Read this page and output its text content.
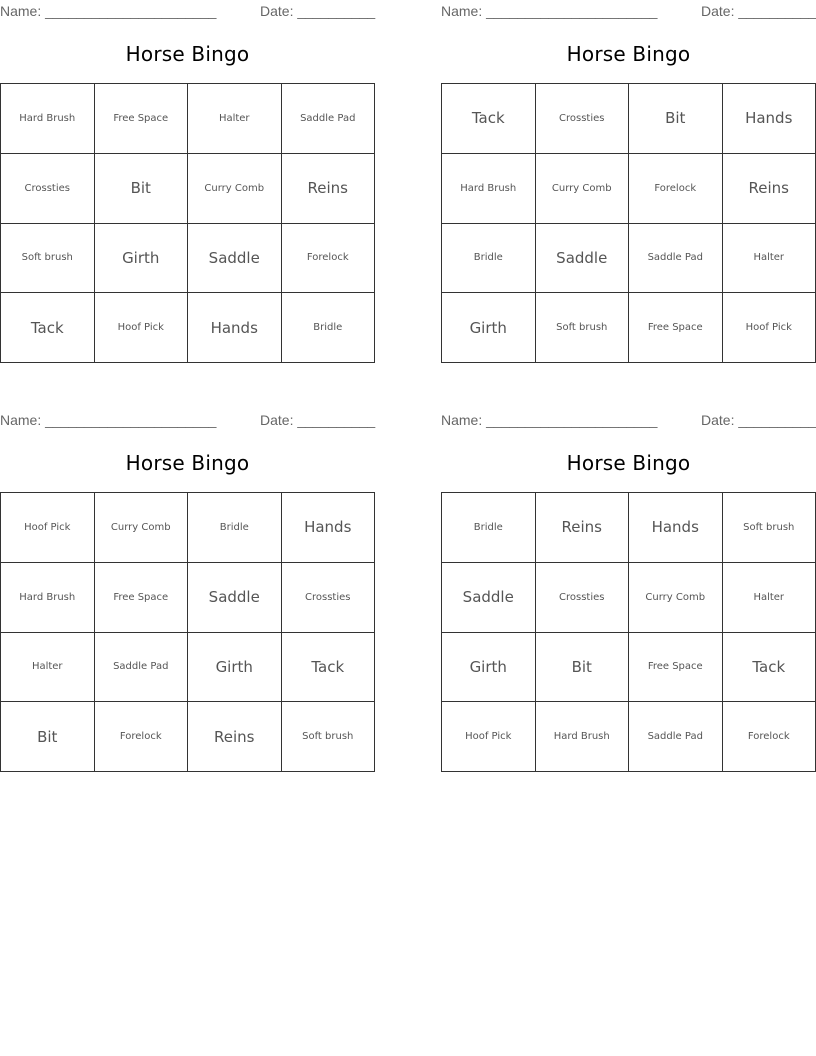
Name: ______________________	Date: __________
Horse Bingo
Hard Brush	Free Space	Halter	Saddle Pad
Crossties	Bit	Curry Comb	Reins
Soft brush	Girth	Saddle	Forelock
Tack	Hoof Pick	Hands	Bridle
Name: ______________________	Date: __________
Horse Bingo
Tack	Crossties	Bit	Hands
Hard Brush	Curry Comb	Forelock	Reins
Bridle	Saddle	Saddle Pad	Halter
Girth	Soft brush	Free Space	Hoof Pick
Name: ______________________	Date: __________
Horse Bingo
Hoof Pick	Curry Comb	Bridle	Hands
Hard Brush	Free Space	Saddle	Crossties
Halter	Saddle Pad	Girth	Tack
Bit	Forelock	Reins	Soft brush
Name: ______________________	Date: __________
Horse Bingo
Bridle	Reins	Hands	Soft brush
Saddle	Crossties	Curry Comb	Halter
Girth	Bit	Free Space	Tack
Hoof Pick	Hard Brush	Saddle Pad	Forelock
